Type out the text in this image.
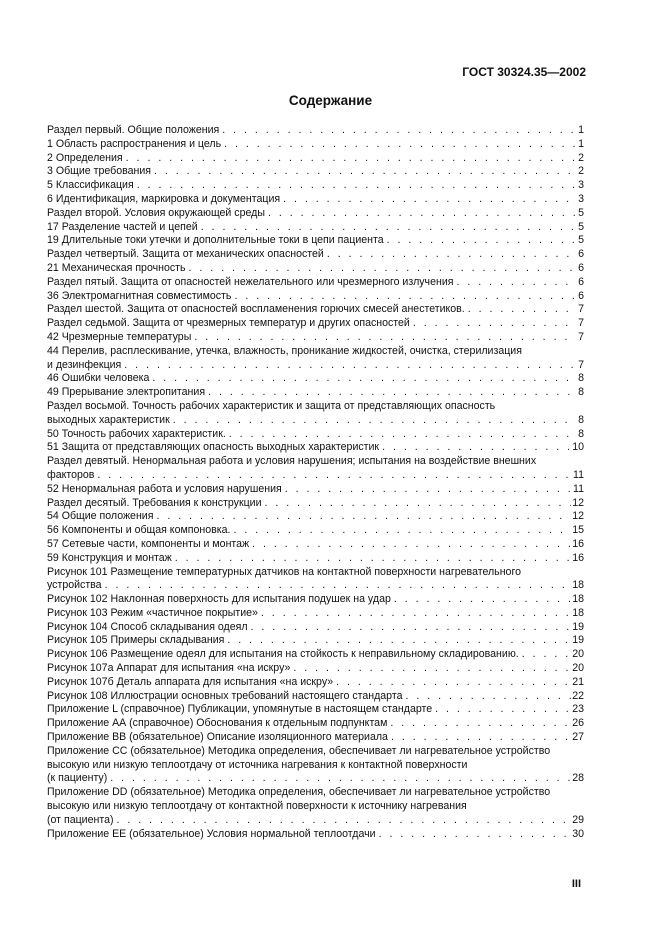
ГОСТ 30324.35—2002
Содержание
Раздел первый. Общие положения . . .	1
1 Область распространения и цель . . .	1
2 Определения . . .	2
3 Общие требования . . .	2
5 Классификация . . .	3
6 Идентификация, маркировка и документация . . .	3
Раздел второй. Условия окружающей среды . . .	5
17 Разделение частей и цепей . . .	5
19 Длительные токи утечки и дополнительные токи в цепи пациента . . .	5
Раздел четвертый. Защита от механических опасностей . . .	6
21 Механическая прочность . . .	6
Раздел пятый. Защита от опасностей нежелательного или чрезмерного излучения . . .	6
36 Электромагнитная совместимость . . .	6
Раздел шестой. Защита от опасностей воспламенения горючих смесей анестетиков. . . .	7
Раздел седьмой. Защита от чрезмерных температур и других опасностей . . .	7
42 Чрезмерные температуры . . .	7
44 Перелив, расплескивание, утечка, влажность, проникание жидкостей, очистка, стерилизация
и дезинфекция . . .	7
46 Ошибки человека . . .	8
49 Прерывание электропитания . . .	8
Раздел восьмой. Точность рабочих характеристик и защита от представляющих опасность
выходных характеристик . . .	8
50 Точность рабочих характеристик. . . .	8
51 Защита от представляющих опасность выходных характеристик . . .	10
Раздел девятый. Ненормальная работа и условия нарушения; испытания на воздействие внешних
факторов . . .	11
52 Ненормальная работа и условия нарушения . . .	11
Раздел десятый. Требования к конструкции . . .	12
54 Общие положения . . .	12
56 Компоненты и общая компоновка. . . .	15
57 Сетевые части, компоненты и монтаж . . .	16
59 Конструкция и монтаж . . .	16
Рисунок 101 Размещение температурных датчиков на контактной поверхности нагревательного
устройства . . .	18
Рисунок 102 Наклонная поверхность для испытания подушек на удар . . .	18
Рисунок 103 Режим «частичное покрытие» . . .	18
Рисунок 104 Способ складывания одеял . . .	19
Рисунок 105 Примеры складывания . . .	19
Рисунок 106 Размещение одеял для испытания на стойкость к неправильному складированию. . . .	20
Рисунок 107а Аппарат для испытания «на искру» . . .	20
Рисунок 107б Деталь аппарата для испытания «на искру» . . .	21
Рисунок 108 Иллюстрации основных требований настоящего стандарта . . .	22
Приложение L (справочное) Публикации, упомянутые в настоящем стандарте . . .	23
Приложение АА (справочное) Обоснования к отдельным подпунктам . . .	26
Приложение ВВ (обязательное) Описание изоляционного материала . . .	27
Приложение СС (обязательное) Методика определения, обеспечивает ли нагревательное устройство
высокую или низкую теплоотдачу от источника нагревания к контактной поверхности
(к пациенту) . . .	28
Приложение DD (обязательное) Методика определения, обеспечивает ли нагревательное устройство
высокую или низкую теплоотдачу от контактной поверхности к источнику нагревания
(от пациента) . . .	29
Приложение ЕЕ (обязательное) Условия нормальной теплоотдачи . . .	30
III
